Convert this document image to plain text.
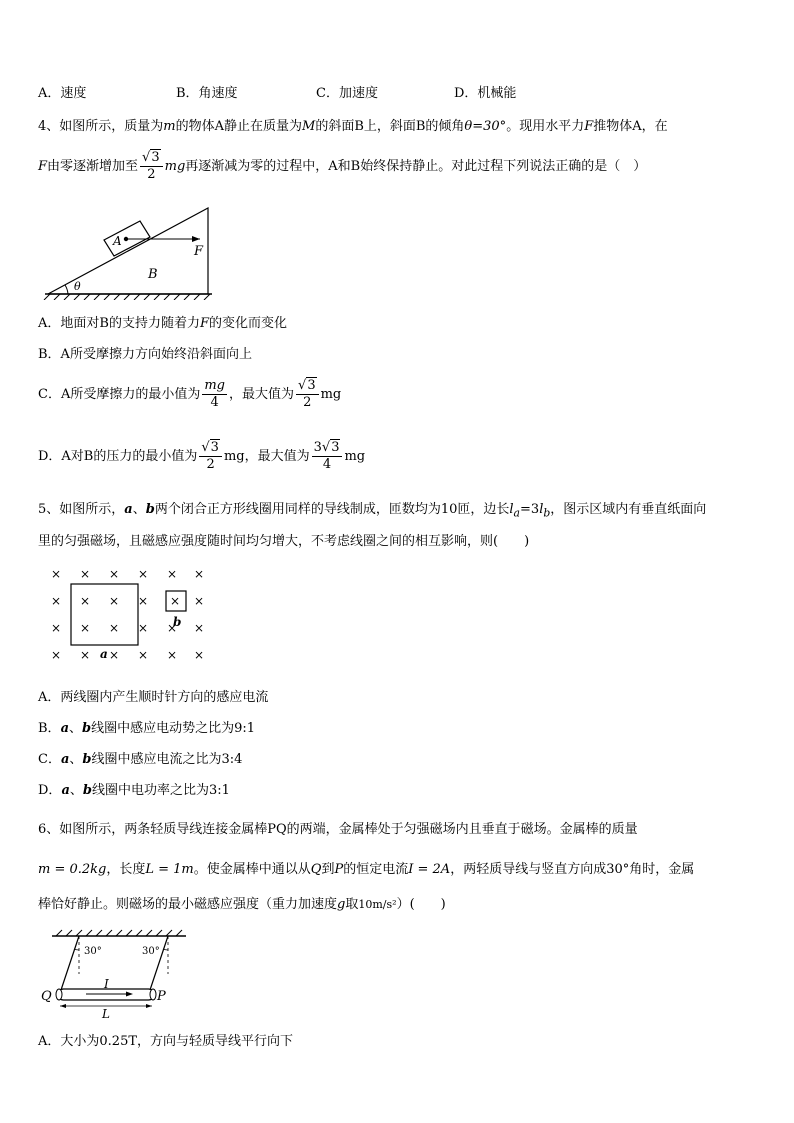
A．速度	B．角速度	C．加速度	D．机械能
4、如图所示，质量为m的物体A静止在质量为M的斜面B上，斜面B的倾角θ=30°。现用水平力F推物体A，在
F由零逐渐增加至 $\frac{√3}{2}$ mg再逐渐减为零的过程中，A和B始终保持静止。对此过程下列说法正确的是（　）
A
B
F
θ
A．地面对B的支持力随着力F的变化而变化
B．A所受摩擦力方向始终沿斜面向上
C．A所受摩擦力的最小值为 $\frac{mg}{4}$ ，最大值为 $\frac{√3}{2}$ mg
D．A对B的压力的最小值为 $\frac{√3}{2}$ mg，最大值为 $\frac{3√3}{4}$ mg
5、如图所示，a、b两个闭合正方形线圈用同样的导线制成，匝数均为10匝，边长$l_a=3l_b$，图示区域内有垂直纸面向
里的匀强磁场，且磁感应强度随时间均匀增大，不考虑线圈之间的相互影响，则(　　)
× × × × × ×
× × × × × ×
× × × × × ×
× × × × × ×
a
b
A．两线圈内产生顺时针方向的感应电流
B．a、b线圈中感应电动势之比为9:1
C．a、b线圈中感应电流之比为3:4
D．a、b线圈中电功率之比为3:1
6、如图所示，两条轻质导线连接金属棒PQ的两端，金属棒处于匀强磁场内且垂直于磁场。金属棒的质量
m = 0.2kg，长度L = 1m。使金属棒中通以从Q到P的恒定电流I = 2A，两轻质导线与竖直方向成30°角时，金属
棒恰好静止。则磁场的最小磁感应强度（重力加速度g取10m/s²）(　　)
30°	30°
I
L
Q	P
A．大小为0.25T，方向与轻质导线平行向下
